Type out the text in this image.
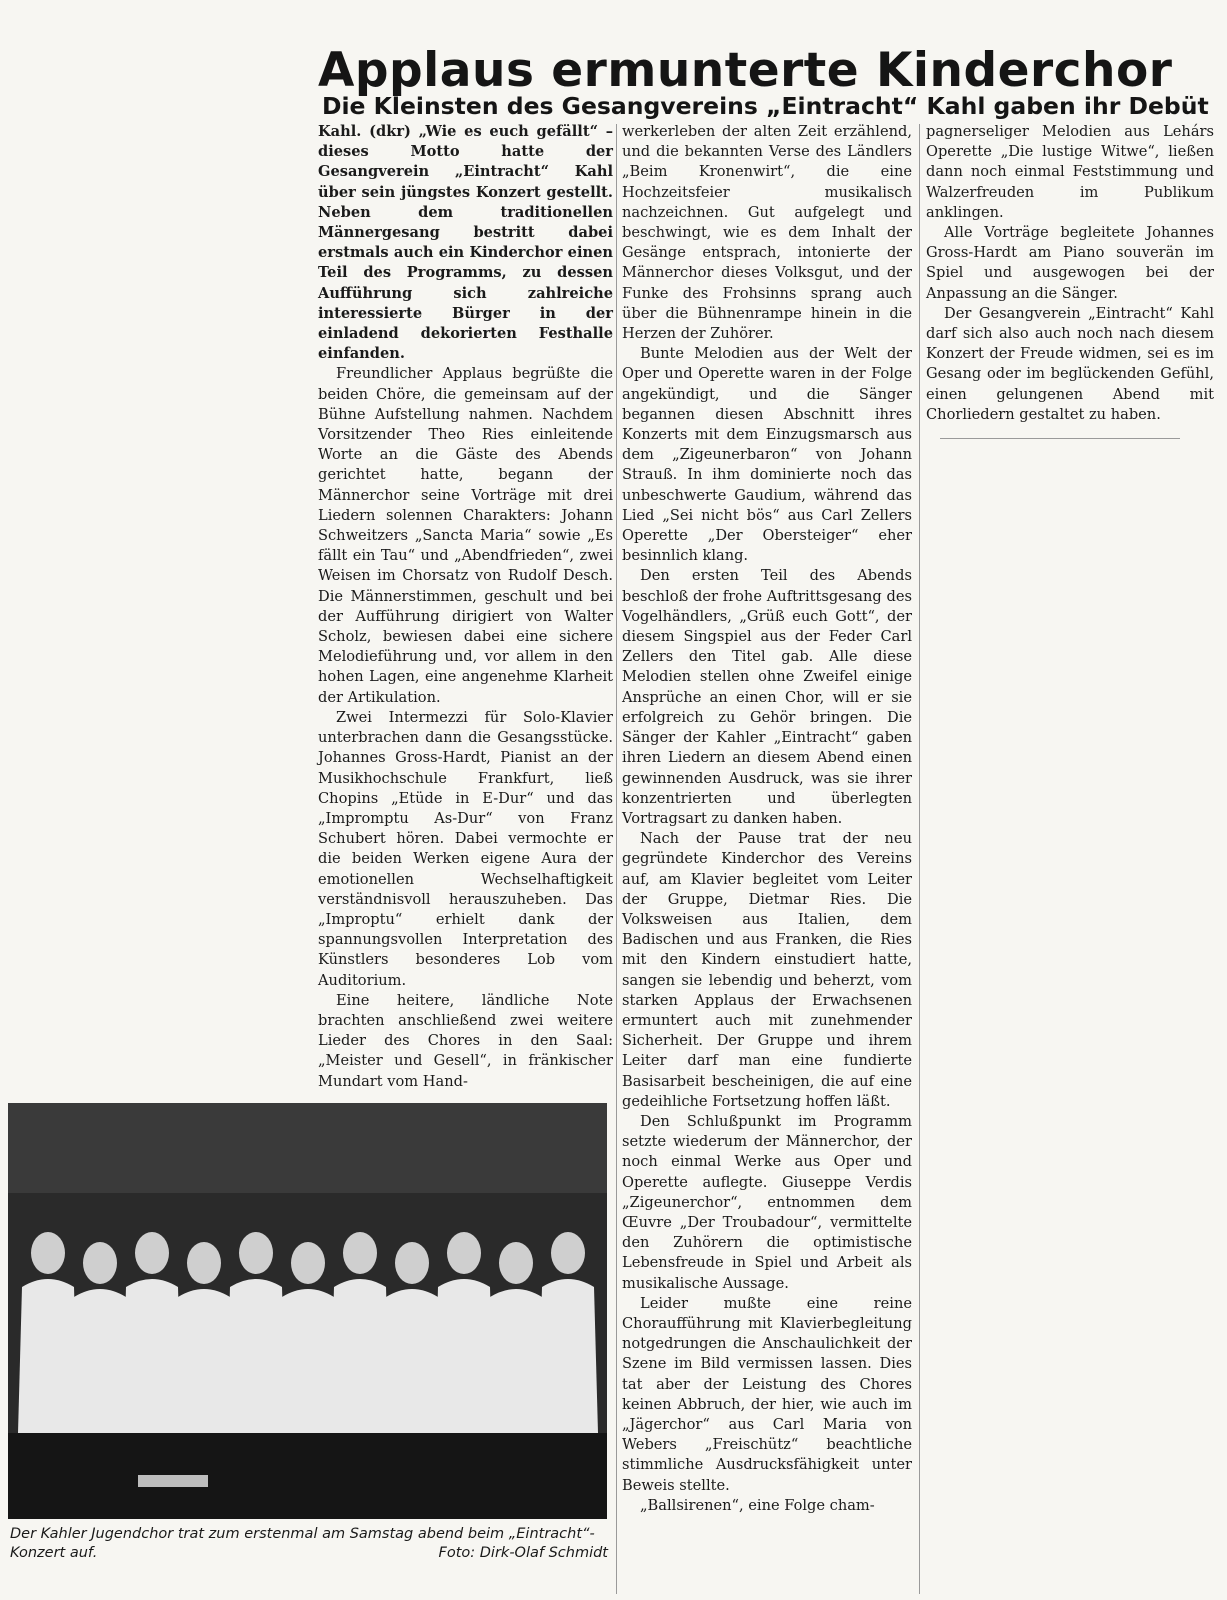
Applaus ermunterte Kinderchor
Die Kleinsten des Gesangvereins „Eintracht“ Kahl gaben ihr Debüt

Kahl. (dkr) „Wie es euch gefällt“ – dieses Motto hatte der Gesangverein „Eintracht“ Kahl über sein jüngstes Konzert gestellt. Neben dem traditionellen Männergesang bestritt dabei erstmals auch ein Kinderchor einen Teil des Programms, zu dessen Aufführung sich zahlreiche interessierte Bürger in der einladend dekorierten Festhalle einfanden.

Freundlicher Applaus begrüßte die beiden Chöre, die gemeinsam auf der Bühne Aufstellung nahmen. Nachdem Vorsitzender Theo Ries einleitende Worte an die Gäste des Abends gerichtet hatte, begann der Männerchor seine Vorträge mit drei Liedern solennen Charakters: Johann Schweitzers „Sancta Maria“ sowie „Es fällt ein Tau“ und „Abendfrieden“, zwei Weisen im Chorsatz von Rudolf Desch. Die Männerstimmen, geschult und bei der Aufführung dirigiert von Walter Scholz, bewiesen dabei eine sichere Melodieführung und, vor allem in den hohen Lagen, eine angenehme Klarheit der Artikulation.

Zwei Intermezzi für Solo-Klavier unterbrachen dann die Gesangsstücke. Johannes Gross-Hardt, Pianist an der Musikhochschule Frankfurt, ließ Chopins „Etüde in E-Dur“ und das „Impromptu As-Dur“ von Franz Schubert hören. Dabei vermochte er die beiden Werken eigene Aura der emotionellen Wechselhaftigkeit verständnisvoll herauszuheben. Das „Improptu“ erhielt dank der spannungsvollen Interpretation des Künstlers besonderes Lob vom Auditorium.

Eine heitere, ländliche Note brachten anschließend zwei weitere Lieder des Chores in den Saal: „Meister und Gesell“, in fränkischer Mundart vom Hand-

werkerleben der alten Zeit erzählend, und die bekannten Verse des Ländlers „Beim Kronenwirt“, die eine Hochzeitsfeier musikalisch nachzeichnen. Gut aufgelegt und beschwingt, wie es dem Inhalt der Gesänge entsprach, intonierte der Männerchor dieses Volksgut, und der Funke des Frohsinns sprang auch über die Bühnenrampe hinein in die Herzen der Zuhörer.

Bunte Melodien aus der Welt der Oper und Operette waren in der Folge angekündigt, und die Sänger begannen diesen Abschnitt ihres Konzerts mit dem Einzugsmarsch aus dem „Zigeunerbaron“ von Johann Strauß. In ihm dominierte noch das unbeschwerte Gaudium, während das Lied „Sei nicht bös“ aus Carl Zellers Operette „Der Obersteiger“ eher besinnlich klang.

Den ersten Teil des Abends beschloß der frohe Auftrittsgesang des Vogelhändlers, „Grüß euch Gott“, der diesem Singspiel aus der Feder Carl Zellers den Titel gab. Alle diese Melodien stellen ohne Zweifel einige Ansprüche an einen Chor, will er sie erfolgreich zu Gehör bringen. Die Sänger der Kahler „Eintracht“ gaben ihren Liedern an diesem Abend einen gewinnenden Ausdruck, was sie ihrer konzentrierten und überlegten Vortragsart zu danken haben.

Nach der Pause trat der neu gegründete Kinderchor des Vereins auf, am Klavier begleitet vom Leiter der Gruppe, Dietmar Ries. Die Volksweisen aus Italien, dem Badischen und aus Franken, die Ries mit den Kindern einstudiert hatte, sangen sie lebendig und beherzt, vom starken Applaus der Erwachsenen ermuntert auch mit zunehmender Sicherheit. Der Gruppe und ihrem Leiter darf man eine fundierte Basisarbeit bescheinigen, die auf eine gedeihliche Fortsetzung hoffen läßt.

Den Schlußpunkt im Programm setzte wiederum der Männerchor, der noch einmal Werke aus Oper und Operette auflegte. Giuseppe Verdis „Zigeunerchor“, entnommen dem Œuvre „Der Troubadour“, vermittelte den Zuhörern die optimistische Lebensfreude in Spiel und Arbeit als musikalische Aussage.

Leider mußte eine reine Choraufführung mit Klavierbegleitung notgedrungen die Anschaulichkeit der Szene im Bild vermissen lassen. Dies tat aber der Leistung des Chores keinen Abbruch, der hier, wie auch im „Jägerchor“ aus Carl Maria von Webers „Freischütz“ beachtliche stimmliche Ausdrucksfähigkeit unter Beweis stellte.

„Ballsirenen“, eine Folge cham-

pagnerseliger Melodien aus Lehárs Operette „Die lustige Witwe“, ließen dann noch einmal Feststimmung und Walzerfreuden im Publikum anklingen.

Alle Vorträge begleitete Johannes Gross-Hardt am Piano souverän im Spiel und ausgewogen bei der Anpassung an die Sänger.

Der Gesangverein „Eintracht“ Kahl darf sich also auch noch nach diesem Konzert der Freude widmen, sei es im Gesang oder im beglückenden Gefühl, einen gelungenen Abend mit Chorliedern gestaltet zu haben.

Der Kahler Jugendchor trat zum erstenmal am Samstag abend beim „Eintracht“-Konzert auf.	Foto: Dirk-Olaf Schmidt
